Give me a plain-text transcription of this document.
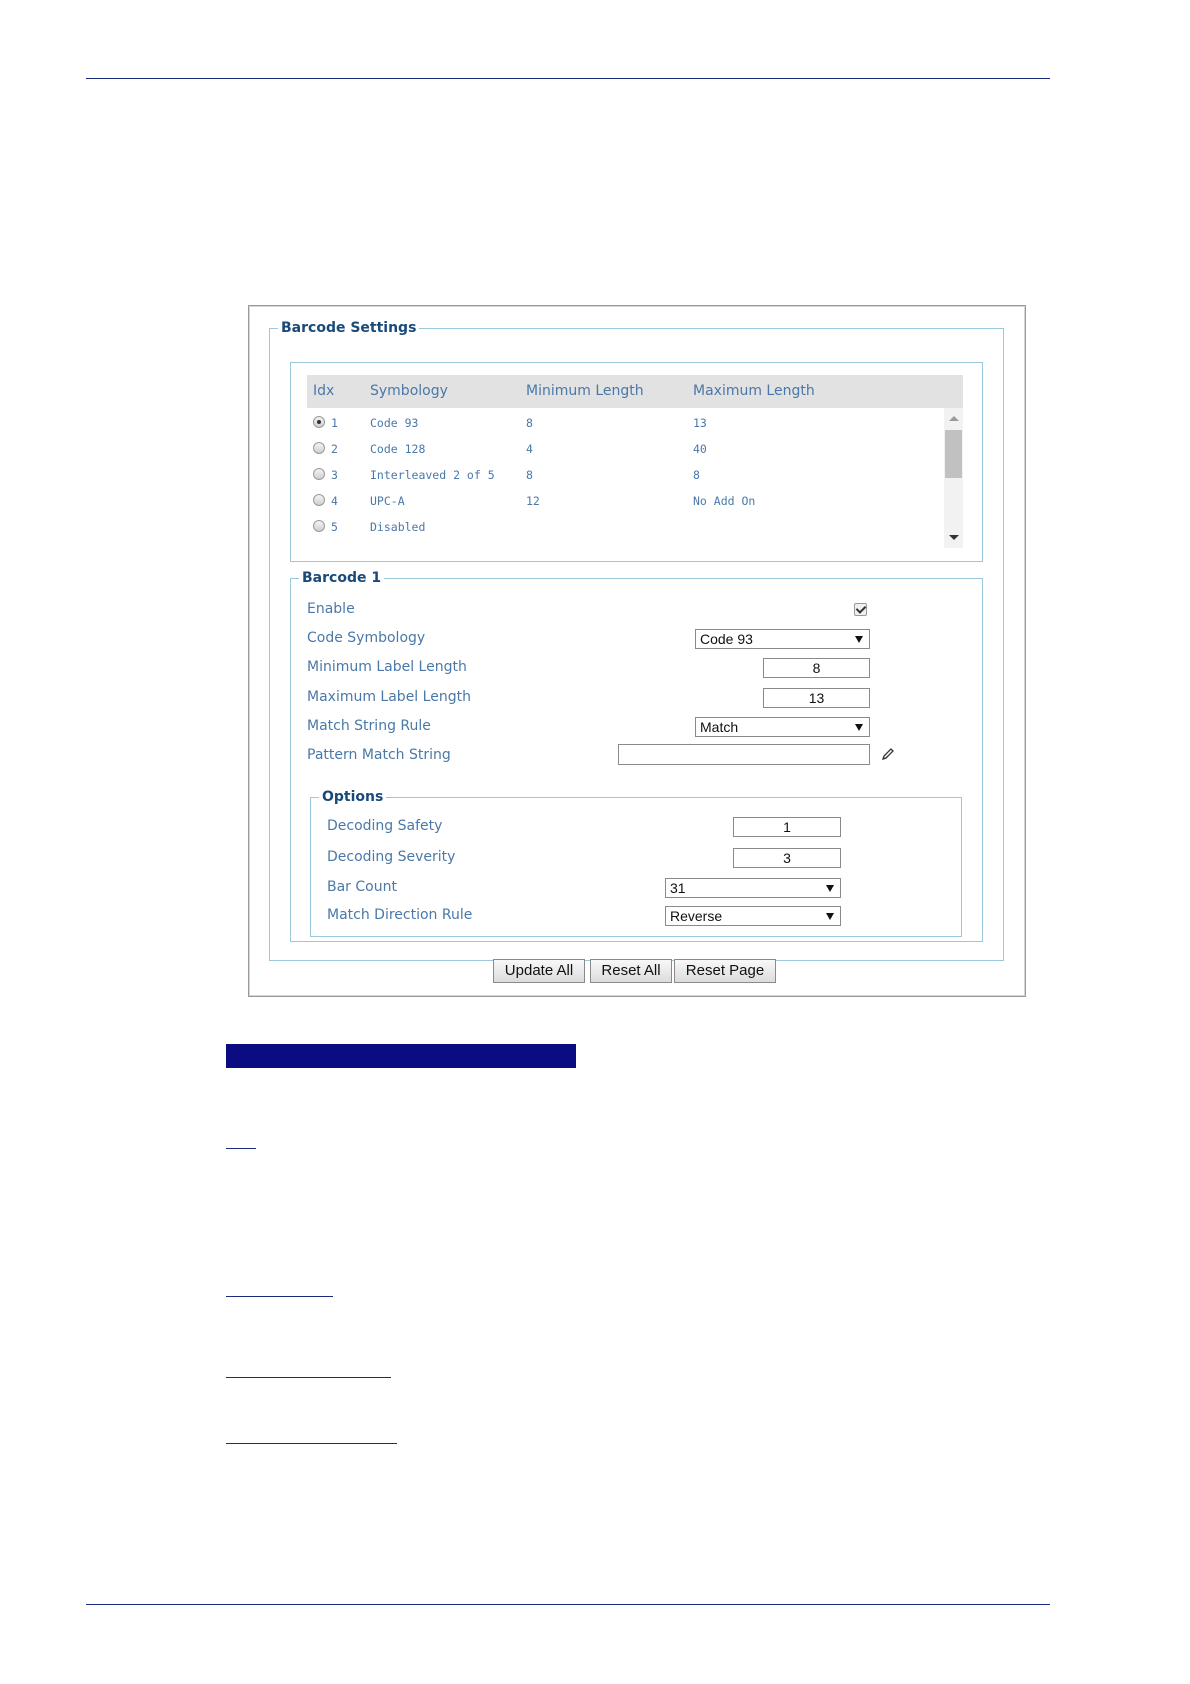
Barcode Settings
Idx	Symbology	Minimum Length	Maximum Length
1	Code 93	8	13
2	Code 128	4	40
3	Interleaved 2 of 5	8	8
4	UPC-A	12	No Add On
5	Disabled
Barcode 1
Enable
Code Symbology	Code 93
Minimum Label Length	8
Maximum Label Length	13
Match String Rule	Match
Pattern Match String
Options
Decoding Safety	1
Decoding Severity	3
Bar Count	31
Match Direction Rule	Reverse
Update All	Reset All	Reset Page
